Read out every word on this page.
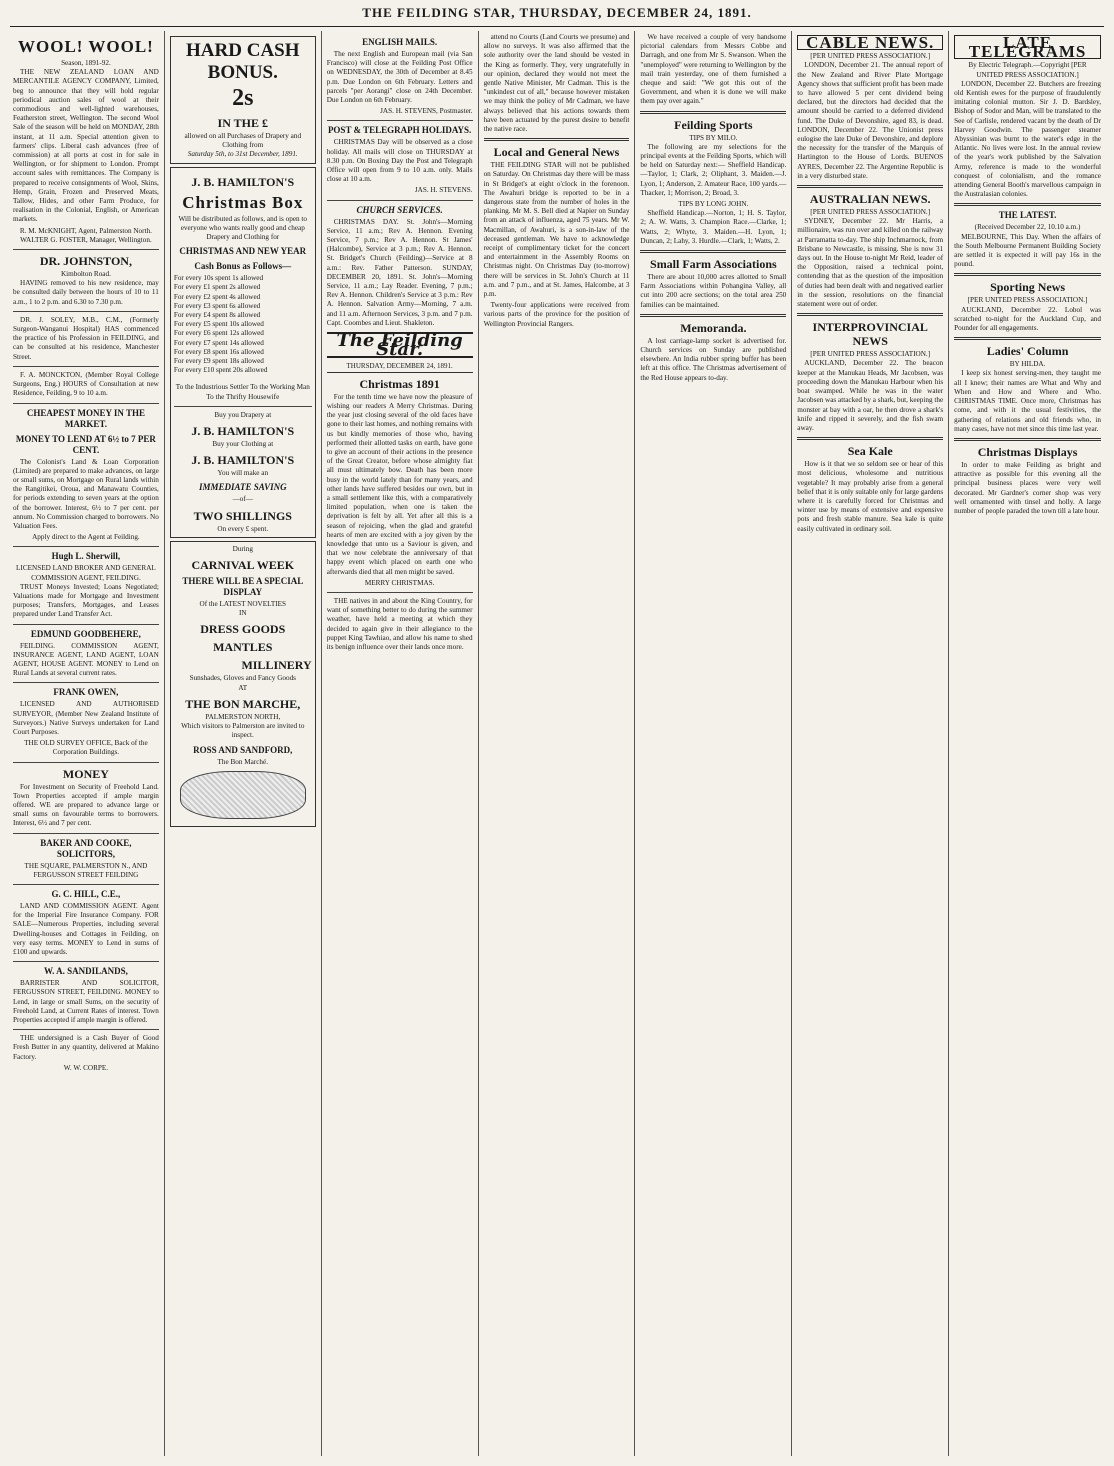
THE FEILDING STAR, THURSDAY, DECEMBER 24, 1891.
WOOL! WOOL!
Season, 1891-92.

THE NEW ZEALAND LOAN AND MERCANTILE AGENCY COMPANY, Limited, beg to announce that they will hold regular periodical auction sales of wool at their commodious and well-lighted warehouses, Featherston street, Wellington. The second Wool Sale of the season will be held on MONDAY, 28th instant, at 11 a.m. Special attention given to farmers' clips. Liberal cash advances (free of commission) at all ports at cost in for sale in Wellington, or for shipment to London. Prompt account sales with remittances. The Company is prepared to receive consignments of Wool, Skins, Hemp, Grain, Frozen and Preserved Meats, Tallow, Hides, and other Farm Produce, for realisation in the Colonial, English, or American markets.

R. M. McKNIGHT, Agent, Palmerston North. WALTER G. FOSTER, Manager, Wellington.
DR. JOHNSTON,
Kimbolton Road.

HAVING removed to his new residence, may be consulted daily between the hours of 10 to 11 a.m., 1 to 2 p.m. and 6.30 to 7.30 p.m.

DR. J. SOLEY, M.B., C.M., (Formerly Surgeon-Wanganui Hospital) HAS commenced the practice of his Profession in FEILDING, and can be consulted at his residence, Manchester Street.

F. A. MONCKTON, (Member Royal College Surgeons, Eng.) HOURS of Consultation at new Residence, Feilding, 9 to 10 a.m.

CHEAPEST MONEY IN THE MARKET.
MONEY TO LEND AT 6½ to 7 PER CENT.

The Colonist's Land & Loan Corporation (Limited) are prepared to make advances, on large or small sums, on Mortgage on Rural lands within the Rangitikei, Oroua, and Manawatu Counties, for periods extending to seven years at the option of the borrower. Interest, 6½ to 7 per cent. per annum. No Commission charged to borrowers. No Valuation Fees.

Apply direct to the Agent at Feilding.
Hugh L. Sherwill,
LICENSED LAND BROKER AND GENERAL COMMISSION AGENT, FEILDING.

TRUST Moneys Invested; Loans Negotiated; Valuations made for Mortgage and Investment purposes; Transfers, Mortgages, and Leases prepared under Land Transfer Act.

EDMUND GOODBEHERE,

FEILDING. COMMISSION AGENT, INSURANCE AGENT, LAND AGENT, LOAN AGENT, HOUSE AGENT. MONEY to Lend on Rural Lands at several current rates.

FRANK OWEN,

LICENSED AND AUTHORISED SURVEYOR, (Member New Zealand Institute of Surveyors.) Native Surveys undertaken for Land Court Purposes.

THE OLD SURVEY OFFICE, Back of the Corporation Buildings.
MONEY

For Investment on Security of Freehold Land. Town Properties accepted if ample margin offered. WE are prepared to advance large or small sums on favourable terms to borrowers. Interest, 6½ and 7 per cent.

BAKER AND COOKE, SOLICITORS,
THE SQUARE, PALMERSTON N., AND FERGUSSON STREET FEILDING
G. C. HILL, C.E.,

LAND AND COMMISSION AGENT. Agent for the Imperial Fire Insurance Company. FOR SALE—Numerous Properties, including several Dwelling-houses and Cottages in Feilding, on very easy terms. MONEY to Lend in sums of £100 and upwards.

W. A. SANDILANDS,

BARRISTER AND SOLICITOR, FERGUSSON STREET, FEILDING. MONEY to Lend, in large or small Sums, on the security of Freehold Land, at Current Rates of interest. Town Properties accepted if ample margin is offered.

THE undersigned is a Cash Buyer of Good Fresh Butter in any quantity, delivered at Makino Factory.

W. W. CORPE.
HARD CASH
BONUS.
2s
IN THE £
allowed on all Purchases of Drapery and Clothing from
Saturday 5th, to 31st December, 1891.
J. B. HAMILTON'S
Christmas Box
Will be distributed as follows, and is open to everyone who wants really good and cheap Drapery and Clothing for
CHRISTMAS AND NEW YEAR
Cash Bonus as Follows—
For every 10s spent 1s allowed
For every £1 spent 2s allowed
For every £2 spent 4s allowed
For every £3 spent 6s allowed
For every £4 spent 8s allowed
For every £5 spent 10s allowed
For every £6 spent 12s allowed
For every £7 spent 14s allowed
For every £8 spent 16s allowed
For every £9 spent 18s allowed
For every £10 spent 20s allowed
To the Industrious Settler To the Working Man To the Thrifty Housewife
Buy you Drapery at
J. B. HAMILTON'S
Buy your Clothing at
J. B. HAMILTON'S
You will make an
IMMEDIATE SAVING
—of—
TWO SHILLINGS
On every £ spent.
During
CARNIVAL WEEK
THERE WILL BE A SPECIAL DISPLAY
Of the LATEST NOVELTIES
IN
DRESS GOODS
MANTLES
MILLINERY
Sunshades, Gloves and Fancy Goods
AT
THE BON MARCHE,
PALMERSTON NORTH,
Which visitors to Palmerston are invited to inspect.
ROSS AND SANDFORD,
The Bon Marché.
ENGLISH MAILS.

The next English and European mail (via San Francisco) will close at the Feilding Post Office on WEDNESDAY, the 30th of December at 8.45 p.m. Due London on 6th February. Letters and parcels "per Aorangi" close on 24th December. Due London on 6th February.

JAS. H. STEVENS, Postmaster.
POST & TELEGRAPH HOLIDAYS.

CHRISTMAS Day will be observed as a close holiday. All mails will close on THURSDAY at 8.30 p.m. On Boxing Day the Post and Telegraph Office will open from 9 to 10 a.m. only. Mails close at 10 a.m.

JAS. H. STEVENS.
CHURCH SERVICES.

CHRISTMAS DAY. St. John's—Morning Service, 11 a.m.; Rev A. Hennon. Evening Service, 7 p.m.; Rev A. Hennon. St James' (Halcombe), Service at 3 p.m.; Rev A. Hennon. St. Bridget's Church (Feilding)—Service at 8 a.m.: Rev. Father Patterson. SUNDAY, DECEMBER 20, 1891. St. John's—Morning Service, 11 a.m.; Lay Reader. Evening, 7 p.m.; Rev A. Hennon. Children's Service at 3 p.m.: Rev A. Hennon. Salvation Army—Morning, 7 a.m. and 11 a.m. Afternoon Services, 3 p.m. and 7 p.m. Capt. Coombes and Lieut. Shakleton.

The Feilding Star.
THURSDAY, DECEMBER 24, 1891.
Christmas 1891

For the tenth time we have now the pleasure of wishing our readers A Merry Christmas. During the year just closing several of the old faces have gone to their last homes, and nothing remains with us but kindly memories of those who, having performed their allotted tasks on earth, have gone to give an account of their actions in the presence of the Great Creator, before whose almighty fiat all must ultimately bow. Death has been more busy in the world lately than for many years, and other lands have suffered besides our own, but in a small settlement like this, with a comparatively limited population, when one is taken the deprivation is felt by all. Yet after all this is a season of rejoicing, when the glad and grateful hearts of men are excited with a joy given by the knowledge that unto us a Saviour is given, and that we now celebrate the anniversary of that happy event which placed on earth one who afterwards died that all men might be saved.

MERRY CHRISTMAS.

THE natives in and about the King Country, for want of something better to do during the summer weather, have held a meeting at which they decided to again give in their allegiance to the puppet King Tawhiao, and allow his name to shed its benign influence over their lands once more.

attend no Courts (Land Courts we presume) and allow no surveys. It was also affirmed that the sole authority over the land should be vested in the King as formerly. They, very ungratefully in our opinion, declared they would not meet the gentle Native Minister, Mr Cadman. This is the "unkindest cut of all," because however mistaken we may think the policy of Mr Cadman, we have always believed that his actions towards them have been actuated by the purest desire to benefit the native race.

Local and General News

THE FEILDING STAR will not be published on Saturday. On Christmas day there will be mass in St Bridget's at eight o'clock in the forenoon. The Awahuri bridge is reported to be in a dangerous state from the number of holes in the planking. Mr M. S. Bell died at Napier on Sunday from an attack of influenza, aged 75 years. Mr W. Macmillan, of Awahuri, is a son-in-law of the deceased gentleman. We have to acknowledge receipt of complimentary ticket for the concert and entertainment in the Assembly Rooms on Christmas night. On Christmas Day (to-morrow) there will be services in St. John's Church at 11 a.m. and 7 p.m., and at St. James, Halcombe, at 3 p.m.

Twenty-four applications were received from various parts of the province for the position of Wellington Provincial Rangers.

We have received a couple of very handsome pictorial calendars from Messrs Cobbe and Darragh, and one from Mr S. Swanson. When the "unemployed" were returning to Wellington by the mail train yesterday, one of them furnished a cheque and said: "We got this out of the Government, and when it is done we will make them pay over again."

Feilding Sports
TIPS BY MILO.

The following are my selections for the principal events at the Feilding Sports, which will be held on Saturday next:— Sheffield Handicap.—Taylor, 1; Clark, 2; Oliphant, 3. Maiden.—J. Lyon, 1; Anderson, 2. Amateur Race, 100 yards.—Thacker, 1; Morrison, 2; Broad, 3.

TIPS BY LONG JOHN.

Sheffield Handicap.—Norton, 1; H. S. Taylor, 2; A. W. Watts, 3. Champion Race.—Clarke, 1; Watts, 2; Whyte, 3. Maiden.—H. Lyon, 1; Duncan, 2; Lahy, 3. Hurdle.—Clark, 1; Watts, 2.

Small Farm Associations

There are about 10,000 acres allotted to Small Farm Associations within Pohangina Valley, all cut into 200 acre sections; on the total area 250 families can be maintained.

Memoranda.

A lost carriage-lamp socket is advertised for. Church services on Sunday are published elsewhere. An India rubber spring buffer has been left at this office. The Christmas advertisement of the Red House appears to-day.

CABLE NEWS.
[PER UNITED PRESS ASSOCIATION.]

LONDON, December 21. The annual report of the New Zealand and River Plate Mortgage Agency shows that sufficient profit has been made to have allowed 5 per cent dividend being declared, but the directors had decided that the amount should be carried to a deferred dividend fund. The Duke of Devonshire, aged 83, is dead. LONDON, December 22. The Unionist press eulogise the late Duke of Devonshire, and deplore the necessity for the transfer of the Marquis of Hartington to the House of Lords. BUENOS AYRES, December 22. The Argentine Republic is in a very disturbed state.

AUSTRALIAN NEWS.
[PER UNITED PRESS ASSOCIATION.]

SYDNEY, December 22. Mr Harris, a millionaire, was run over and killed on the railway at Parramatta to-day. The ship Inchmarnock, from Brisbane to Newcastle, is missing. She is now 31 days out. In the House to-night Mr Reid, leader of the Opposition, raised a technical point, contending that as the question of the imposition of duties had been dealt with and negatived earlier in the session, resolutions on the financial statement were out of order.

INTERPROVINCIAL NEWS
[PER UNITED PRESS ASSOCIATION.]

AUCKLAND, December 22. The beacon keeper at the Manukau Heads, Mr Jacobsen, was proceeding down the Manukau Harbour when his boat swamped. While he was in the water Jacobsen was attacked by a shark, but, keeping the monster at bay with a oar, he then drove a shark's knife and ripped it severely, and the fish swam away.

Sea Kale

How is it that we so seldom see or hear of this most delicious, wholesome and nutritious vegetable? It may probably arise from a general belief that it is only suitable only for large gardens where it is carefully forced for Christmas and winter use by means of extensive and expensive pots and fresh stable manure. Sea kale is quite easily cultivated in ordinary soil.

LATE TELEGRAMS
By Electric Telegraph.—Copyright [PER UNITED PRESS ASSOCIATION.]

LONDON, December 22. Butchers are freezing old Kentish ewes for the purpose of fraudulently imitating colonial mutton. Sir J. D. Bardsley, Bishop of Sodor and Man, will be translated to the See of Carlisle, rendered vacant by the death of Dr Harvey Goodwin. The passenger steamer Abyssinian was burnt to the water's edge in the Atlantic. No lives were lost. In the annual review of the year's work published by the Salvation Army, reference is made to the wonderful conquest of colonialism, and the romance attending General Booth's marvellous campaign in the Australasian colonies.

THE LATEST.
(Received December 22, 10.10 a.m.)

MELBOURNE, This Day. When the affairs of the South Melbourne Permanent Building Society are settled it is expected it will pay 16s in the pound.

Sporting News
[PER UNITED PRESS ASSOCIATION.]

AUCKLAND, December 22. Lobol was scratched to-night for the Auckland Cup, and Pounder for all engagements.

Ladies' Column
BY HILDA.

I keep six honest serving-men, they taught me all I knew; their names are What and Why and When and How and Where and Who. CHRISTMAS TIME. Once more, Christmas has come, and with it the usual festivities, the gathering of relations and old friends who, in many cases, have not met since this time last year.

Christmas Displays

In order to make Feilding as bright and attractive as possible for this evening all the principal business places were very well decorated. Mr Gardner's corner shop was very well ornamented with tinsel and holly. A large number of people paraded the town till a late hour.
